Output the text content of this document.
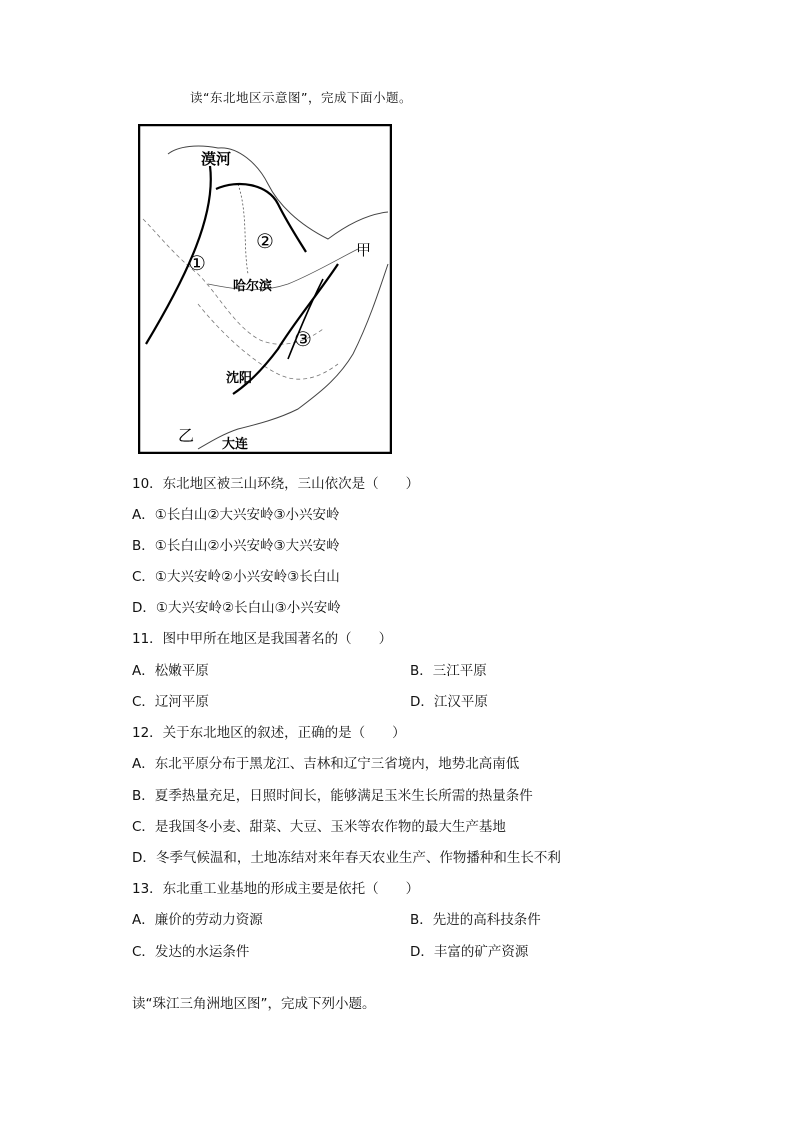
读“东北地区示意图”，完成下面小题。
漠河
哈尔滨
沈阳
大连
甲
乙
①
②
③
10．东北地区被三山环绕，三山依次是（　　）
A．①长白山②大兴安岭③小兴安岭
B．①长白山②小兴安岭③大兴安岭
C．①大兴安岭②小兴安岭③长白山
D．①大兴安岭②长白山③小兴安岭
11．图中甲所在地区是我国著名的（　　）
A．松嫩平原	B．三江平原
C．辽河平原	D．江汉平原
12．关于东北地区的叙述，正确的是（　　）
A．东北平原分布于黑龙江、吉林和辽宁三省境内，地势北高南低
B．夏季热量充足，日照时间长，能够满足玉米生长所需的热量条件
C．是我国冬小麦、甜菜、大豆、玉米等农作物的最大生产基地
D．冬季气候温和，土地冻结对来年春天农业生产、作物播种和生长不利
13．东北重工业基地的形成主要是依托（　　）
A．廉价的劳动力资源	B．先进的高科技条件
C．发达的水运条件	D．丰富的矿产资源
读“珠江三角洲地区图”，完成下列小题。
